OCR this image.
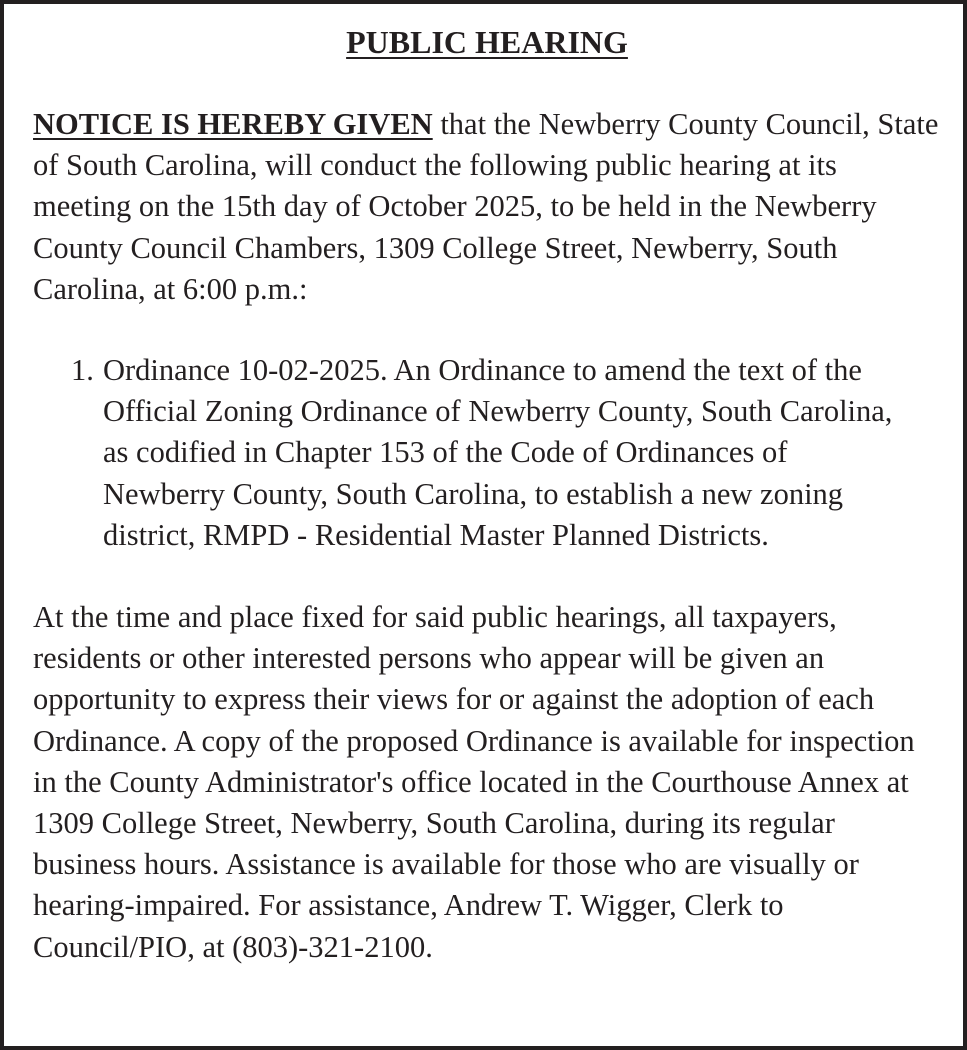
PUBLIC HEARING

NOTICE IS HEREBY GIVEN that the Newberry County Council, State of South Carolina, will conduct the following public hearing at its meeting on the 15th day of October 2025, to be held in the Newberry County Council Chambers, 1309 College Street, Newberry, South Carolina, at 6:00 p.m.:

1. Ordinance 10-02-2025. An Ordinance to amend the text of the Official Zoning Ordinance of Newberry County, South Carolina, as codified in Chapter 153 of the Code of Ordinances of Newberry County, South Carolina, to establish a new zoning district, RMPD - Residential Master Planned Districts.

At the time and place fixed for said public hearings, all taxpayers, residents or other interested persons who appear will be given an opportunity to express their views for or against the adoption of each Ordinance. A copy of the proposed Ordinance is available for inspection in the County Administrator's office located in the Courthouse Annex at 1309 College Street, Newberry, South Carolina, during its regular business hours. Assistance is available for those who are visually or hearing-impaired. For assistance, Andrew T. Wigger, Clerk to Council/PIO, at (803)-321-2100.
